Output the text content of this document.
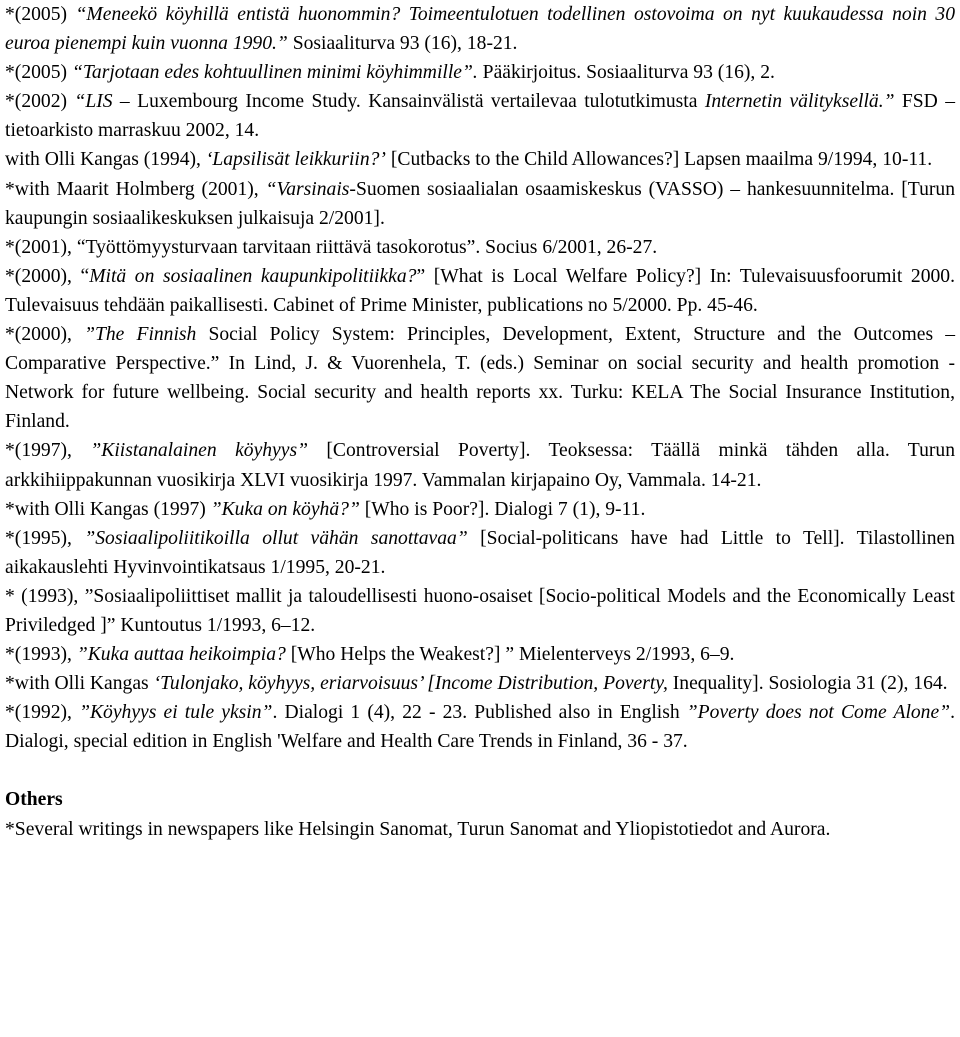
*(2005) “Meneekö köyhillä entistä huonommin? Toimeentulotuen todellinen ostovoima on nyt kuukaudessa noin 30 euroa pienempi kuin vuonna 1990.” Sosiaaliturva 93 (16), 18-21.

*(2005) “Tarjotaan edes kohtuullinen minimi köyhimmille”. Pääkirjoitus. Sosiaaliturva 93 (16), 2.

*(2002) “LIS – Luxembourg Income Study. Kansainvälistä vertailevaa tulotutkimusta Internetin välityksellä.” FSD – tietoarkisto marraskuu 2002, 14.

with Olli Kangas (1994), ‘Lapsilisät leikkuriin?’ [Cutbacks to the Child Allowances?] Lapsen maailma 9/1994, 10-11.

*with Maarit Holmberg (2001), “Varsinais-Suomen sosiaalialan osaamiskeskus (VASSO) – hankesuunnitelma. [Turun kaupungin sosiaalikeskuksen julkaisuja 2/2001].

*(2001), “Työttömyysturvaan tarvitaan riittävä tasokorotus”. Socius 6/2001, 26-27.

*(2000), “Mitä on sosiaalinen kaupunkipolitiikka?” [What is Local Welfare Policy?] In: Tulevaisuusfoorumit 2000. Tulevaisuus tehdään paikallisesti. Cabinet of Prime Minister, publications no 5/2000. Pp. 45-46.

*(2000), ”The Finnish Social Policy System: Principles, Development, Extent, Structure and the Outcomes – Comparative Perspective.” In Lind, J. & Vuorenhela, T. (eds.) Seminar on social security and health promotion - Network for future wellbeing. Social security and health reports xx. Turku: KELA The Social Insurance Institution, Finland.

*(1997), ”Kiistanalainen köyhyys” [Controversial Poverty]. Teoksessa: Täällä minkä tähden alla. Turun arkkihiippakunnan vuosikirja XLVI vuosikirja 1997. Vammalan kirjapaino Oy, Vammala. 14-21.

*with Olli Kangas (1997) ”Kuka on köyhä?” [Who is Poor?]. Dialogi 7 (1), 9-11.

*(1995), ”Sosiaalipoliitikoilla ollut vähän sanottavaa” [Social-politicans have had Little to Tell]. Tilastollinen aikakauslehti Hyvinvointikatsaus 1/1995, 20-21.

* (1993), ”Sosiaalipoliittiset mallit ja taloudellisesti huono-osaiset [Socio-political Models and the Economically Least Priviledged ]” Kuntoutus 1/1993, 6–12.

*(1993), ”Kuka auttaa heikoimpia? [Who Helps the Weakest?] ” Mielenterveys 2/1993, 6–9.

*with Olli Kangas ‘Tulonjako, köyhyys, eriarvoisuus’ [Income Distribution, Poverty, Inequality]. Sosiologia 31 (2), 164.

*(1992), ”Köyhyys ei tule yksin”. Dialogi 1 (4), 22 - 23. Published also in English ”Poverty does not Come Alone”. Dialogi, special edition in English 'Welfare and Health Care Trends in Finland, 36 - 37.

Others

*Several writings in newspapers like Helsingin Sanomat, Turun Sanomat and Yliopistotiedot and Aurora.
